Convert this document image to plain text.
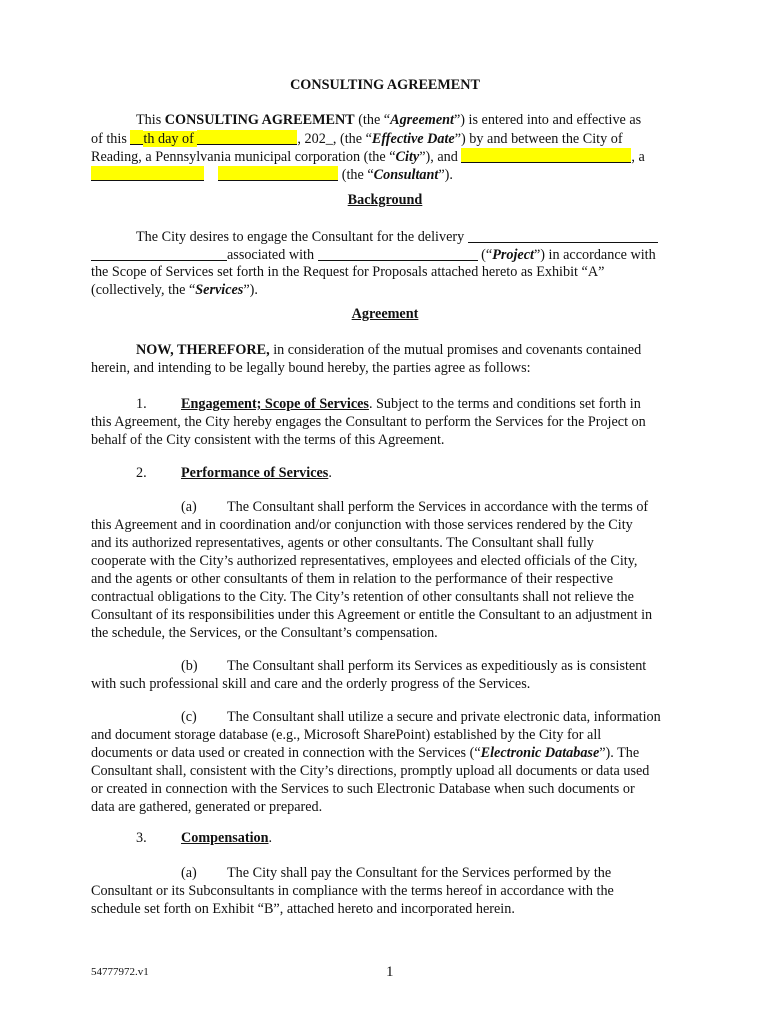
CONSULTING AGREEMENT
This CONSULTING AGREEMENT (the “Agreement”) is entered into and effective as
of this th day of	, 202_, (the “Effective Date”) by and between the City of
Reading, a Pennsylvania municipal corporation (the “City”), and	, a
(the “Consultant”).
Background
The City desires to engage the Consultant for the delivery
associated with	(“Project”) in accordance with
the Scope of Services set forth in the Request for Proposals attached hereto as Exhibit “A”
(collectively, the “Services”).
Agreement
NOW, THEREFORE, in consideration of the mutual promises and covenants contained
herein, and intending to be legally bound hereby, the parties agree as follows:
1. Engagement; Scope of Services. Subject to the terms and conditions set forth in
this Agreement, the City hereby engages the Consultant to perform the Services for the Project on
behalf of the City consistent with the terms of this Agreement.
2. Performance of Services.
(a) The Consultant shall perform the Services in accordance with the terms of
this Agreement and in coordination and/or conjunction with those services rendered by the City
and its authorized representatives, agents or other consultants. The Consultant shall fully
cooperate with the City’s authorized representatives, employees and elected officials of the City,
and the agents or other consultants of them in relation to the performance of their respective
contractual obligations to the City. The City’s retention of other consultants shall not relieve the
Consultant of its responsibilities under this Agreement or entitle the Consultant to an adjustment in
the schedule, the Services, or the Consultant’s compensation.
(b) The Consultant shall perform its Services as expeditiously as is consistent
with such professional skill and care and the orderly progress of the Services.
(c) The Consultant shall utilize a secure and private electronic data, information
and document storage database (e.g., Microsoft SharePoint) established by the City for all
documents or data used or created in connection with the Services (“Electronic Database”). The
Consultant shall, consistent with the City’s directions, promptly upload all documents or data used
or created in connection with the Services to such Electronic Database when such documents or
data are gathered, generated or prepared.
3. Compensation.
(a) The City shall pay the Consultant for the Services performed by the
Consultant or its Subconsultants in compliance with the terms hereof in accordance with the
schedule set forth on Exhibit “B”, attached hereto and incorporated herein.
54777972.v1	1
